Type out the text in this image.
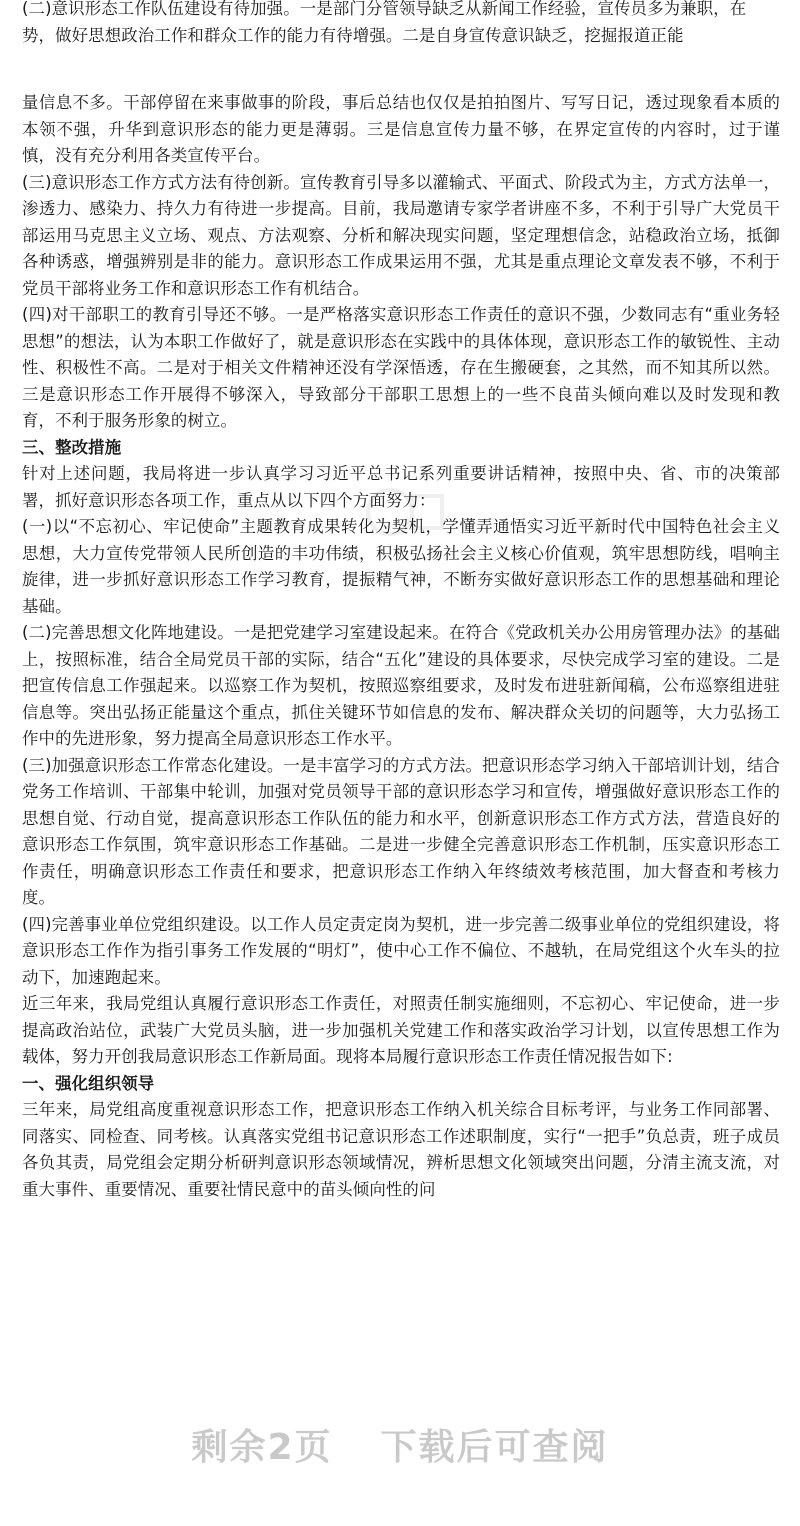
(二)意识形态工作队伍建设有待加强。一是部门分管领导缺乏从新闻工作经验，宣传员多为兼职，在

势，做好思想政治工作和群众工作的能力有待增强。二是自身宣传意识缺乏，挖掘报道正能

量信息不多。干部停留在来事做事的阶段，事后总结也仅仅是拍拍图片、写写日记，透过现象看本质的本领不强，升华到意识形态的能力更是薄弱。三是信息宣传力量不够，在界定宣传的内容时，过于谨慎，没有充分利用各类宣传平台。

(三)意识形态工作方式方法有待创新。宣传教育引导多以灌输式、平面式、阶段式为主，方式方法单一，渗透力、感染力、持久力有待进一步提高。目前，我局邀请专家学者讲座不多，不利于引导广大党员干部运用马克思主义立场、观点、方法观察、分析和解决现实问题，坚定理想信念，站稳政治立场，抵御各种诱惑，增强辨别是非的能力。意识形态工作成果运用不强，尤其是重点理论文章发表不够，不利于党员干部将业务工作和意识形态工作有机结合。

(四)对干部职工的教育引导还不够。一是严格落实意识形态工作责任的意识不强，少数同志有“重业务轻思想”的想法，认为本职工作做好了，就是意识形态在实践中的具体体现，意识形态工作的敏锐性、主动性、积极性不高。二是对于相关文件精神还没有学深悟透，存在生搬硬套，之其然，而不知其所以然。三是意识形态工作开展得不够深入，导致部分干部职工思想上的一些不良苗头倾向难以及时发现和教育，不利于服务形象的树立。

三、整改措施

针对上述问题，我局将进一步认真学习习近平总书记系列重要讲话精神，按照中央、省、市的决策部署，抓好意识形态各项工作，重点从以下四个方面努力：

(一)以“不忘初心、牢记使命”主题教育成果转化为契机，学懂弄通悟实习近平新时代中国特色社会主义思想，大力宣传党带领人民所创造的丰功伟绩，积极弘扬社会主义核心价值观，筑牢思想防线，唱响主旋律，进一步抓好意识形态工作学习教育，提振精气神，不断夯实做好意识形态工作的思想基础和理论基础。

(二)完善思想文化阵地建设。一是把党建学习室建设起来。在符合《党政机关办公用房管理办法》的基础上，按照标准，结合全局党员干部的实际，结合“五化”建设的具体要求，尽快完成学习室的建设。二是把宣传信息工作强起来。以巡察工作为契机，按照巡察组要求，及时发布进驻新闻稿，公布巡察组进驻信息等。突出弘扬正能量这个重点，抓住关键环节如信息的发布、解决群众关切的问题等，大力弘扬工作中的先进形象，努力提高全局意识形态工作水平。

(三)加强意识形态工作常态化建设。一是丰富学习的方式方法。把意识形态学习纳入干部培训计划，结合党务工作培训、干部集中轮训，加强对党员领导干部的意识形态学习和宣传，增强做好意识形态工作的思想自觉、行动自觉，提高意识形态工作队伍的能力和水平，创新意识形态工作方式方法，营造良好的意识形态工作氛围，筑牢意识形态工作基础。二是进一步健全完善意识形态工作机制，压实意识形态工作责任，明确意识形态工作责任和要求，把意识形态工作纳入年终绩效考核范围，加大督查和考核力度。

(四)完善事业单位党组织建设。以工作人员定责定岗为契机，进一步完善二级事业单位的党组织建设，将意识形态工作作为指引事务工作发展的“明灯”，使中心工作不偏位、不越轨，在局党组这个火车头的拉动下，加速跑起来。

近三年来，我局党组认真履行意识形态工作责任，对照责任制实施细则，不忘初心、牢记使命，进一步提高政治站位，武装广大党员头脑，进一步加强机关党建工作和落实政治学习计划，以宣传思想工作为载体，努力开创我局意识形态工作新局面。现将本局履行意识形态工作责任情况报告如下:

一、强化组织领导

三年来，局党组高度重视意识形态工作，把意识形态工作纳入机关综合目标考评，与业务工作同部署、同落实、同检查、同考核。认真落实党组书记意识形态工作述职制度，实行“一把手”负总责，班子成员各负其责，局党组会定期分析研判意识形态领域情况，辨析思想文化领域突出问题，分清主流支流，对重大事件、重要情况、重要社情民意中的苗头倾向性的问

剩余2页 下载后可查阅
